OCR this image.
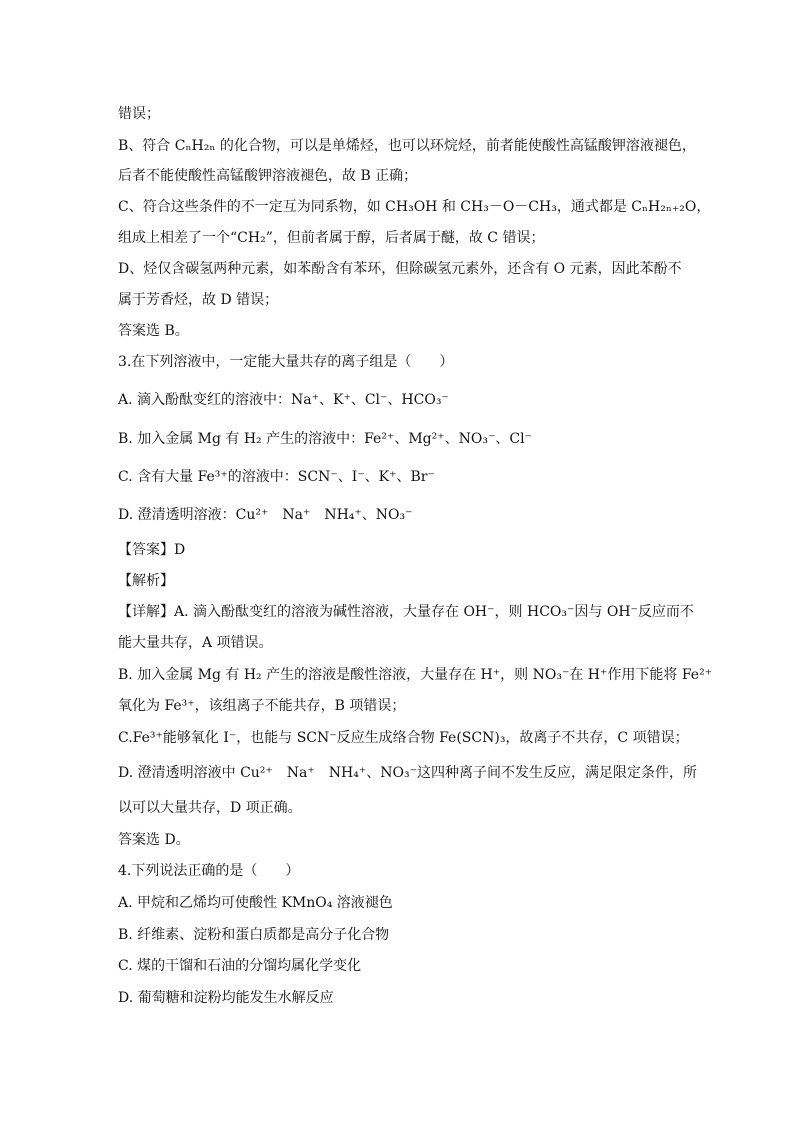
错误；
B、符合 CₙH₂ₙ 的化合物，可以是单烯烃，也可以环烷烃，前者能使酸性高锰酸钾溶液褪色，
后者不能使酸性高锰酸钾溶液褪色，故 B 正确；
C、符合这些条件的不一定互为同系物，如 CH₃OH 和 CH₃－O－CH₃，通式都是 CₙH₂ₙ₊₂O，
组成上相差了一个“CH₂”，但前者属于醇，后者属于醚，故 C 错误；
D、烃仅含碳氢两种元素，如苯酚含有苯环，但除碳氢元素外，还含有 O 元素，因此苯酚不
属于芳香烃，故 D 错误；
答案选 B。
3.在下列溶液中，一定能大量共存的离子组是（　　）
A. 滴入酚酞变红的溶液中：Na⁺、K⁺、Cl⁻、HCO₃⁻
B. 加入金属 Mg 有 H₂ 产生的溶液中：Fe²⁺、Mg²⁺、NO₃⁻、Cl⁻
C. 含有大量 Fe³⁺的溶液中：SCN⁻、I⁻、K⁺、Br⁻
D. 澄清透明溶液：Cu²⁺　Na⁺　NH₄⁺、NO₃⁻
【答案】D
【解析】
【详解】A. 滴入酚酞变红的溶液为碱性溶液，大量存在 OH⁻，则 HCO₃⁻因与 OH⁻反应而不
能大量共存，A 项错误。
B. 加入金属 Mg 有 H₂ 产生的溶液是酸性溶液，大量存在 H⁺，则 NO₃⁻在 H⁺作用下能将 Fe²⁺
氧化为 Fe³⁺，该组离子不能共存，B 项错误；
C.Fe³⁺能够氧化 I⁻，也能与 SCN⁻反应生成络合物 Fe(SCN)₃，故离子不共存，C 项错误；
D. 澄清透明溶液中 Cu²⁺　Na⁺　NH₄⁺、NO₃⁻这四种离子间不发生反应，满足限定条件，所
以可以大量共存，D 项正确。
答案选 D。
4.下列说法正确的是（　　）
A. 甲烷和乙烯均可使酸性 KMnO₄ 溶液褪色
B. 纤维素、淀粉和蛋白质都是高分子化合物
C. 煤的干馏和石油的分馏均属化学变化
D. 葡萄糖和淀粉均能发生水解反应
